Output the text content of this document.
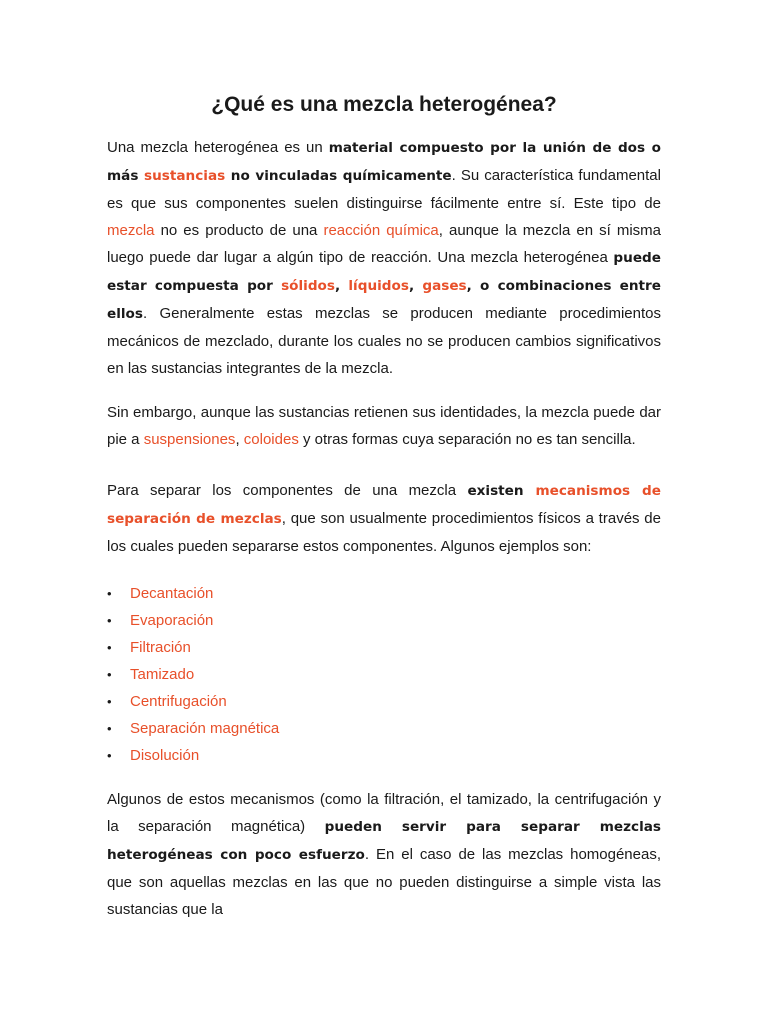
¿Qué es una mezcla heterogénea?

Una mezcla heterogénea es un material compuesto por la unión de dos o más sustancias no vinculadas químicamente. Su característica fundamental es que sus componentes suelen distinguirse fácilmente entre sí. Este tipo de mezcla no es producto de una reacción química, aunque la mezcla en sí misma luego puede dar lugar a algún tipo de reacción. Una mezcla heterogénea puede estar compuesta por sólidos, líquidos, gases, o combinaciones entre ellos. Generalmente estas mezclas se producen mediante procedimientos mecánicos de mezclado, durante los cuales no se producen cambios significativos en las sustancias integrantes de la mezcla.

Sin embargo, aunque las sustancias retienen sus identidades, la mezcla puede dar pie a suspensiones, coloides y otras formas cuya separación no es tan sencilla.

Para separar los componentes de una mezcla existen mecanismos de separación de mezclas, que son usualmente procedimientos físicos a través de los cuales pueden separarse estos componentes. Algunos ejemplos son:

• Decantación
• Evaporación
• Filtración
• Tamizado
• Centrifugación
• Separación magnética
• Disolución

Algunos de estos mecanismos (como la filtración, el tamizado, la centrifugación y la separación magnética) pueden servir para separar mezclas heterogéneas con poco esfuerzo. En el caso de las mezclas homogéneas, que son aquellas mezclas en las que no pueden distinguirse a simple vista las sustancias que la
